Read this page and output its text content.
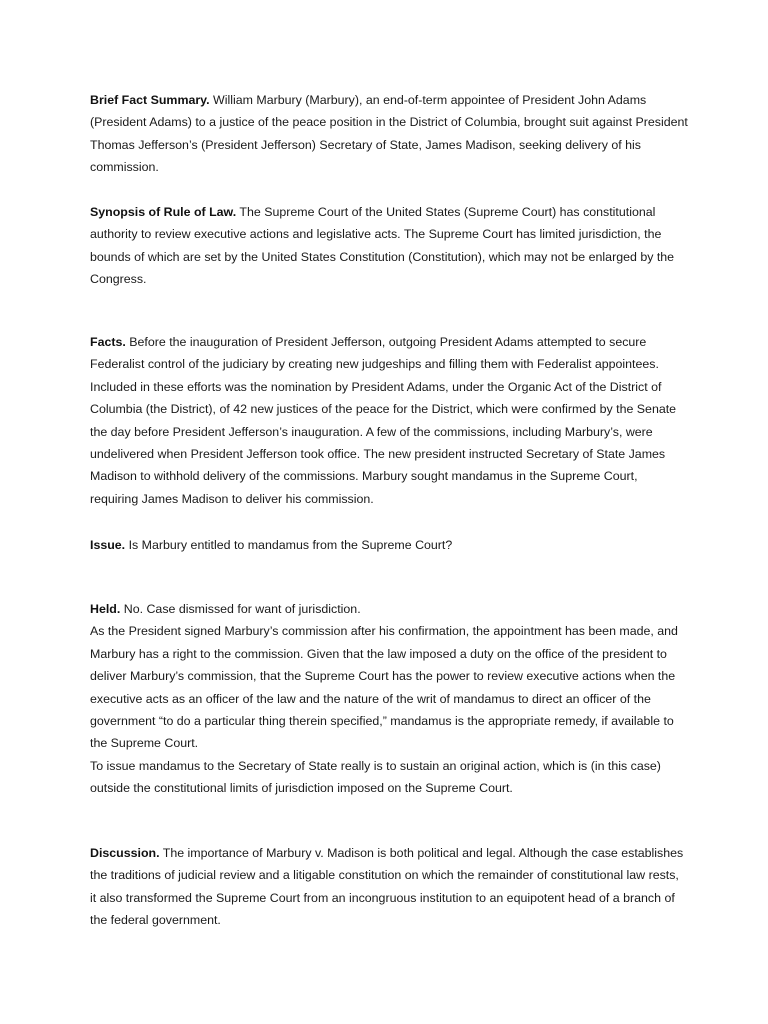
Brief Fact Summary. William Marbury (Marbury), an end-of-term appointee of President John Adams (President Adams) to a justice of the peace position in the District of Columbia, brought suit against President Thomas Jefferson’s (President Jefferson) Secretary of State, James Madison, seeking delivery of his commission.

Synopsis of Rule of Law. The Supreme Court of the United States (Supreme Court) has constitutional authority to review executive actions and legislative acts. The Supreme Court has limited jurisdiction, the bounds of which are set by the United States Constitution (Constitution), which may not be enlarged by the Congress.

Facts. Before the inauguration of President Jefferson, outgoing President Adams attempted to secure Federalist control of the judiciary by creating new judgeships and filling them with Federalist appointees. Included in these efforts was the nomination by President Adams, under the Organic Act of the District of Columbia (the District), of 42 new justices of the peace for the District, which were confirmed by the Senate the day before President Jefferson’s inauguration. A few of the commissions, including Marbury’s, were undelivered when President Jefferson took office. The new president instructed Secretary of State James Madison to withhold delivery of the commissions. Marbury sought mandamus in the Supreme Court, requiring James Madison to deliver his commission.

Issue. Is Marbury entitled to mandamus from the Supreme Court?

Held. No. Case dismissed for want of jurisdiction.

As the President signed Marbury’s commission after his confirmation, the appointment has been made, and Marbury has a right to the commission. Given that the law imposed a duty on the office of the president to deliver Marbury’s commission, that the Supreme Court has the power to review executive actions when the executive acts as an officer of the law and the nature of the writ of mandamus to direct an officer of the government “to do a particular thing therein specified,” mandamus is the appropriate remedy, if available to the Supreme Court.

To issue mandamus to the Secretary of State really is to sustain an original action, which is (in this case) outside the constitutional limits of jurisdiction imposed on the Supreme Court.

Discussion. The importance of Marbury v. Madison is both political and legal. Although the case establishes the traditions of judicial review and a litigable constitution on which the remainder of constitutional law rests, it also transformed the Supreme Court from an incongruous institution to an equipotent head of a branch of the federal government.
